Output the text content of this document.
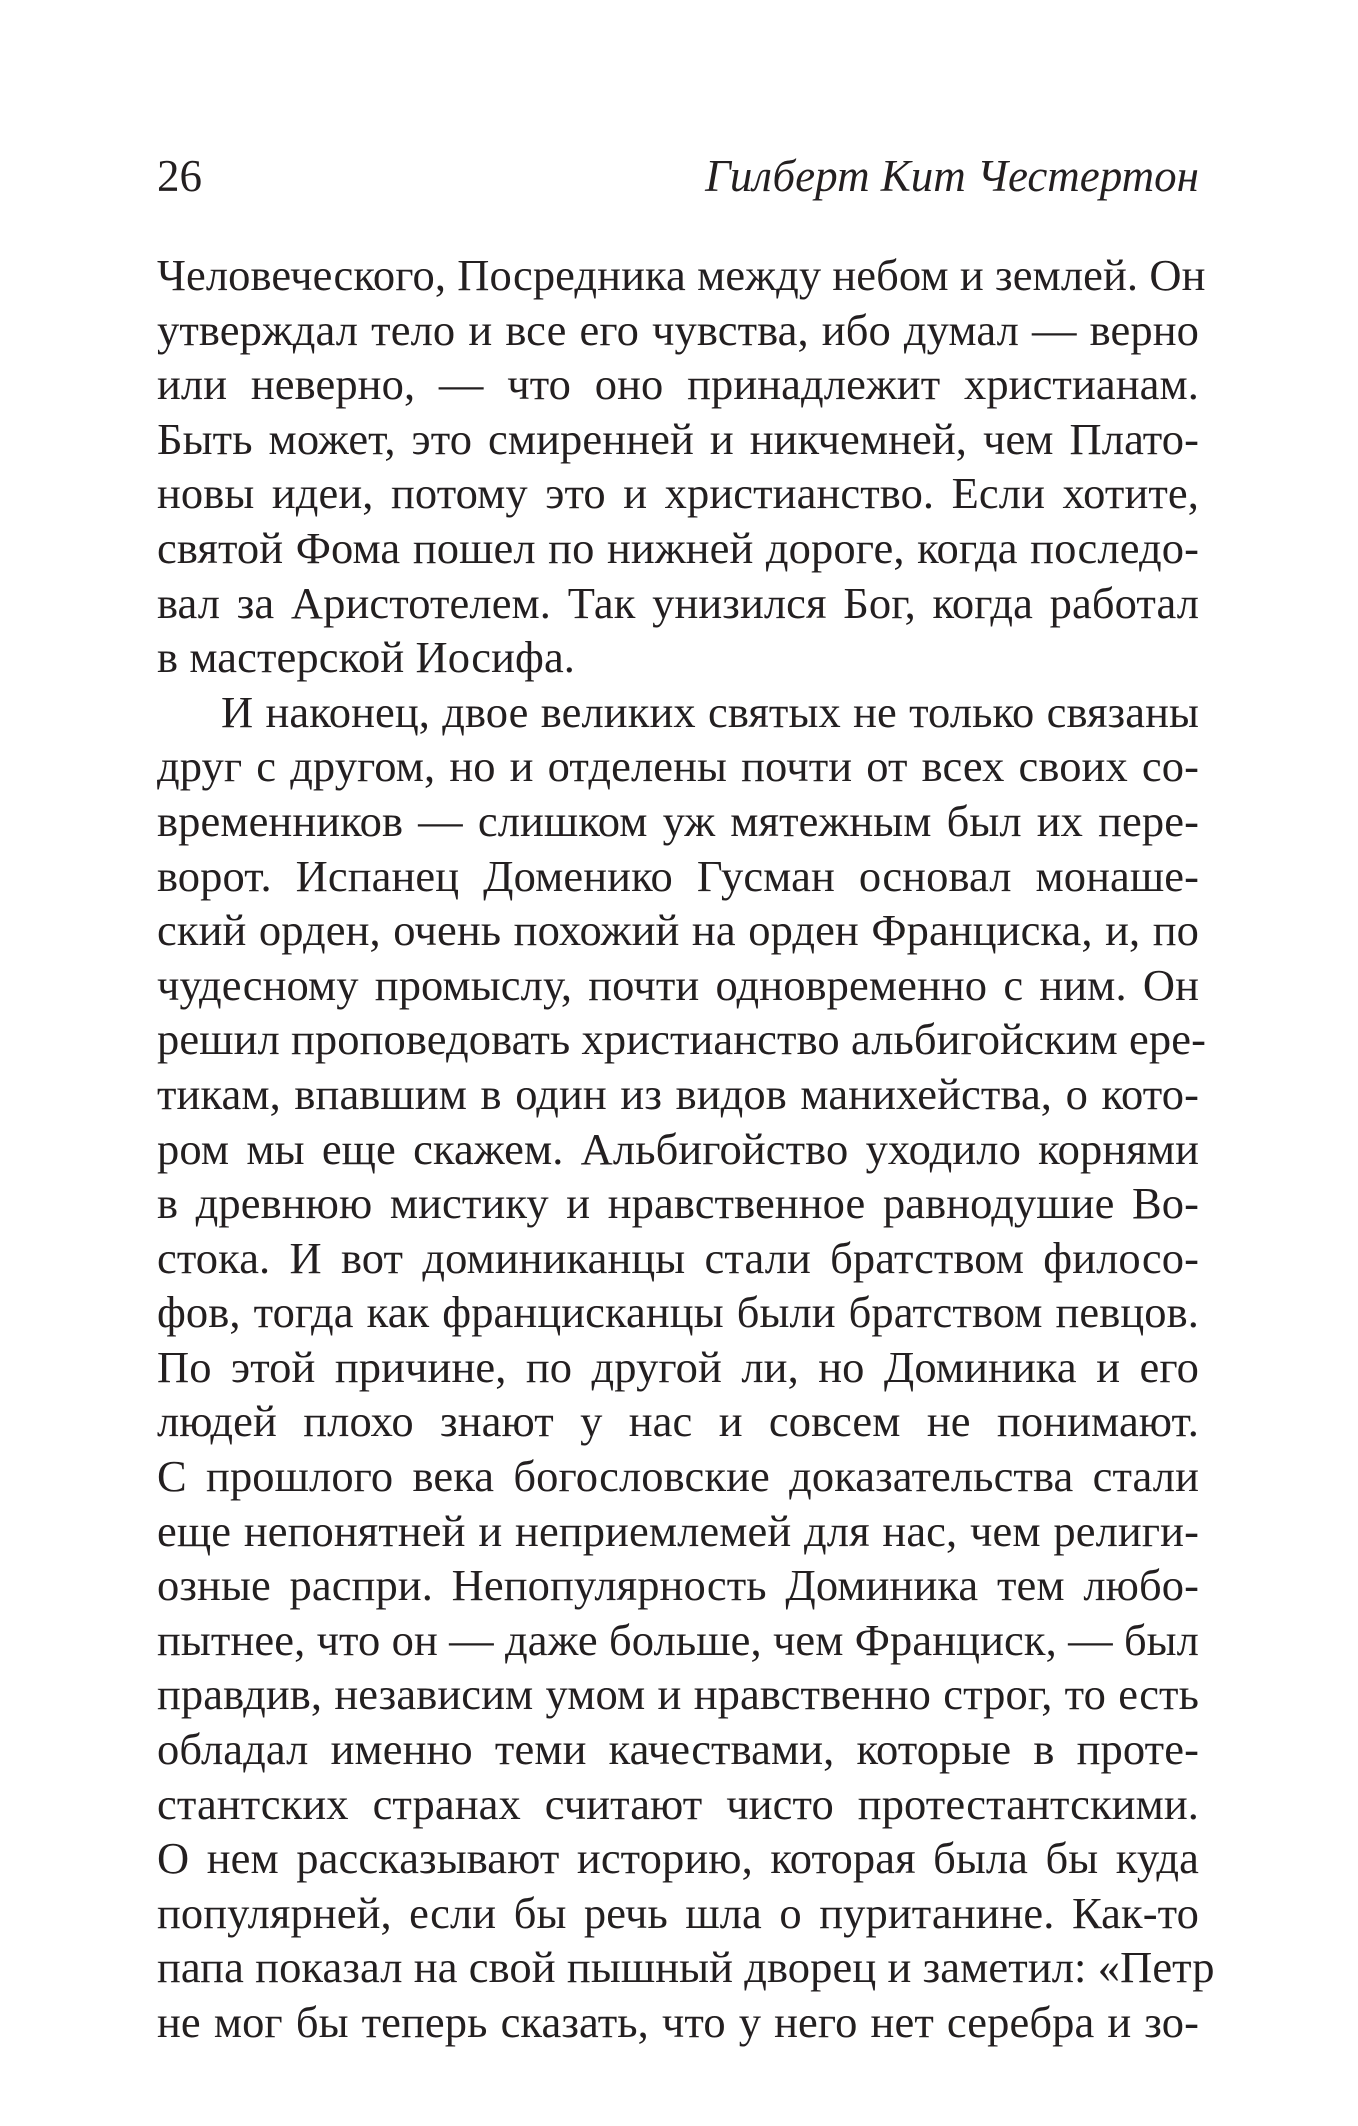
26	Гилберт Кит Честертон
Человеческого, Посредника между небом и землей. Он
утверждал тело и все его чувства, ибо думал — верно
или неверно, — что оно принадлежит христианам.
Быть может, это смиренней и никчемней, чем Плато-
новы идеи, потому это и христианство. Если хотите,
святой Фома пошел по нижней дороге, когда последо-
вал за Аристотелем. Так унизился Бог, когда работал
в мастерской Иосифа.
И наконец, двое великих святых не только связаны
друг с другом, но и отделены почти от всех своих со-
временников — слишком уж мятежным был их пере-
ворот. Испанец Доменико Гусман основал монаше-
ский орден, очень похожий на орден Франциска, и, по
чудесному промыслу, почти одновременно с ним. Он
решил проповедовать христианство альбигойским ере-
тикам, впавшим в один из видов манихейства, о кото-
ром мы еще скажем. Альбигойство уходило корнями
в древнюю мистику и нравственное равнодушие Во-
стока. И вот доминиканцы стали братством филосо-
фов, тогда как францисканцы были братством певцов.
По этой причине, по другой ли, но Доминика и его
людей плохо знают у нас и совсем не понимают.
С прошлого века богословские доказательства стали
еще непонятней и неприемлемей для нас, чем религи-
озные распри. Непопулярность Доминика тем любо-
пытнее, что он — даже больше, чем Франциск, — был
правдив, независим умом и нравственно строг, то есть
обладал именно теми качествами, которые в проте-
стантских странах считают чисто протестантскими.
О нем рассказывают историю, которая была бы куда
популярней, если бы речь шла о пуританине. Как-то
папа показал на свой пышный дворец и заметил: «Петр
не мог бы теперь сказать, что у него нет серебра и зо-
